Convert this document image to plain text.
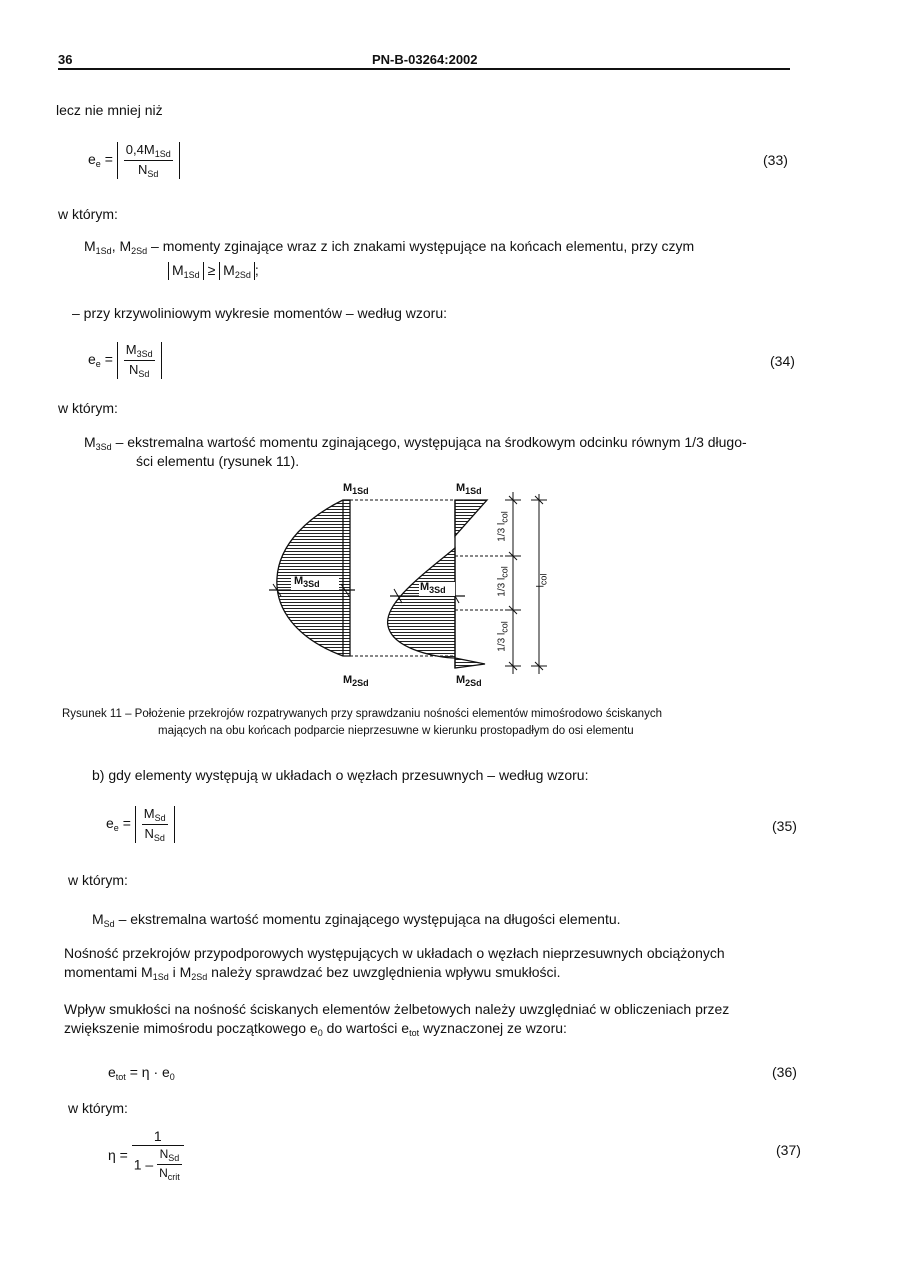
36	PN-B-03264:2002
lecz nie mniej niż
$e_e = \frac{0,4M_{1Sd}}{N_{Sd}}$	(33)
w którym:
$M_{1Sd}$, $M_{2Sd}$ – momenty zginające wraz z ich znakami występujące na końcach elementu, przy czym
$M_{1Sd} \ge M_{2Sd}$ ;
– przy krzywoliniowym wykresie momentów – według wzoru:
$e_e = \frac{M_{3Sd}}{N_{Sd}}$	(34)
w którym:
$M_{3Sd}$ – ekstremalna wartość momentu zginającego, występująca na środkowym odcinku równym 1/3 długo-
ści elementu (rysunek 11).
$M_{1Sd}$	$M_{1Sd}$
$M_{3Sd}$	$M_{3Sd}$
$M_{2Sd}$	$M_{2Sd}$
1/3 $l_{col}$
1/3 $l_{col}$
1/3 $l_{col}$
$l_{col}$
Rysunek 11 – Położenie przekrojów rozpatrywanych przy sprawdzaniu nośności elementów mimośrodowo ściskanych
mających na obu końcach podparcie nieprzesuwne w kierunku prostopadłym do osi elementu
b) gdy elementy występują w układach o węzłach przesuwnych – według wzoru:
$e_e = \frac{M_{Sd}}{N_{Sd}}$	(35)
w którym:
$M_{Sd}$ – ekstremalna wartość momentu zginającego występująca na długości elementu.
Nośność przekrojów przypodporowych występujących w układach o węzłach nieprzesuwnych obciążonych
momentami $M_{1Sd}$ i $M_{2Sd}$ należy sprawdzać bez uwzględnienia wpływu smukłości.
Wpływ smukłości na nośność ściskanych elementów żelbetowych należy uwzględniać w obliczeniach przez
zwiększenie mimośrodu początkowego $e_0$ do wartości $e_{tot}$ wyznaczonej ze wzoru:
$e_{tot} = \eta \cdot e_0$	(36)
w którym:
$\eta = \frac{1}{1 - \frac{N_{Sd}}{N_{crit}}}$	(37)
